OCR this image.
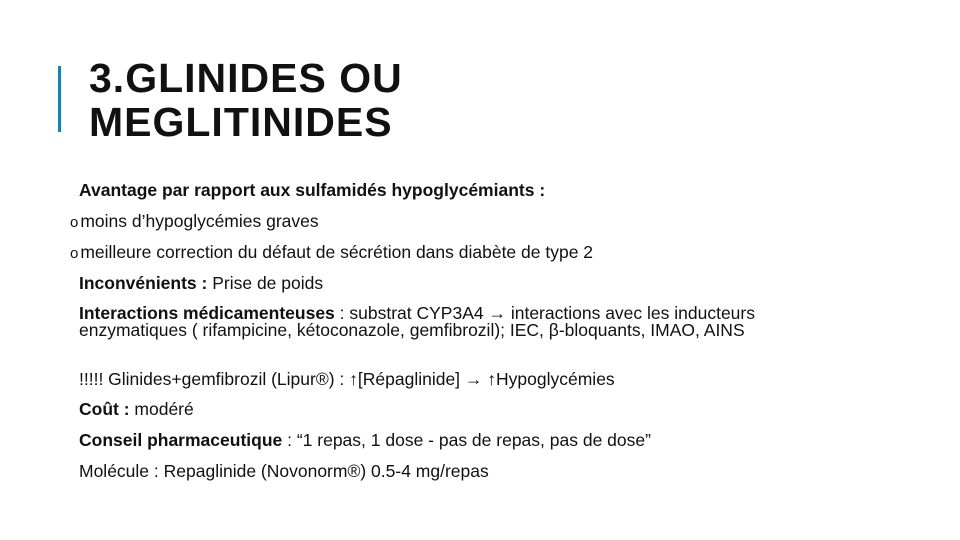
3.GLINIDES OU
MEGLITINIDES
Avantage par rapport aux sulfamidés hypoglycémiants :
o moins d’hypoglycémies graves
o meilleure correction du défaut de sécrétion dans diabète de type 2
Inconvénients : Prise de poids
Interactions médicamenteuses : substrat CYP3A4 → interactions avec les inducteurs enzymatiques ( rifampicine, kétoconazole, gemfibrozil); IEC, β-bloquants, IMAO, AINS
!!!!! Glinides+gemfibrozil (Lipur®) : ↑[Répaglinide] → ↑Hypoglycémies
Coût : modéré
Conseil pharmaceutique : “1 repas, 1 dose - pas de repas, pas de dose”
Molécule : Repaglinide (Novonorm®) 0.5-4 mg/repas
